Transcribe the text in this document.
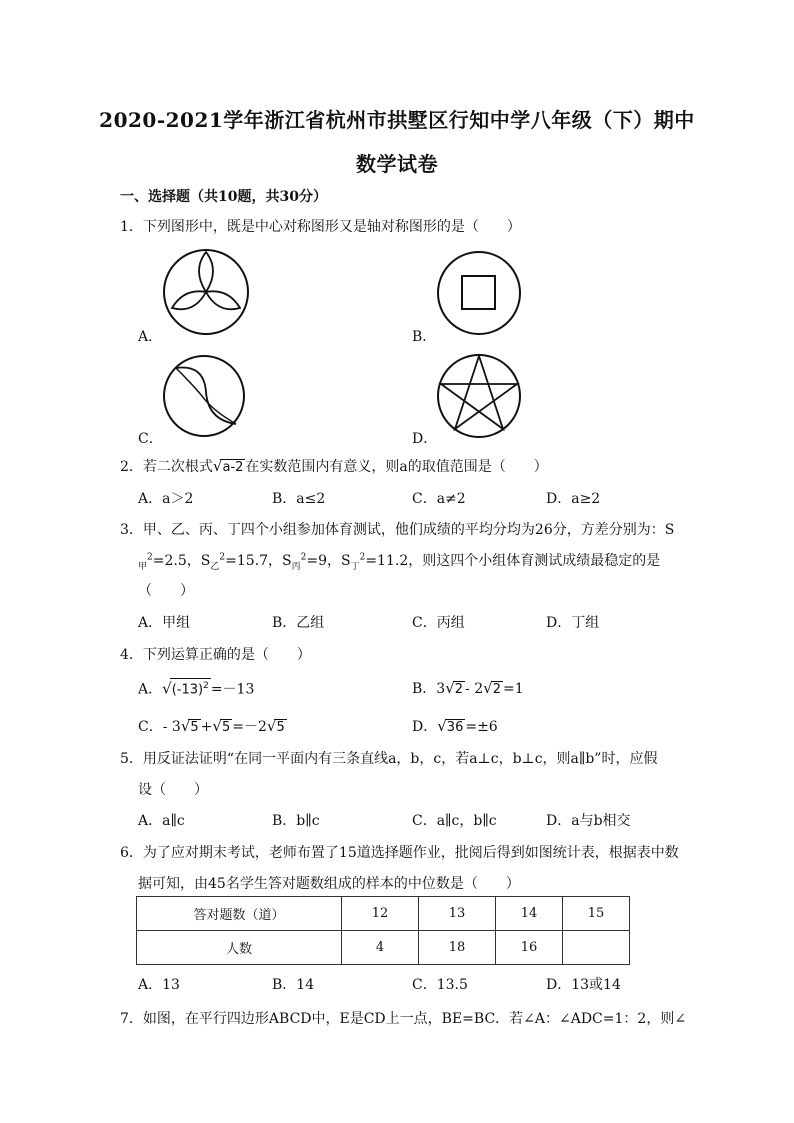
2020-2021学年浙江省杭州市拱墅区行知中学八年级（下）期中
数学试卷
一、选择题（共10题，共30分）
1．下列图形中，既是中心对称图形又是轴对称图形的是（　　）
A．	B．
C．	D．
2．若二次根式√a-2 在实数范围内有意义，则a的取值范围是（　　）
A．a＞2	B．a≤2	C．a≠2	D．a≥2
3．甲、乙、丙、丁四个小组参加体育测试，他们成绩的平均分均为26分，方差分别为：S
$_甲^2$=2.5，$S_乙^2=15.7$，$S_丙^2=9$，$S_丁^2=11.2$，则这四个小组体育测试成绩最稳定的是
（　　）
A．甲组	B．乙组	C．丙组	D．丁组
4．下列运算正确的是（　　）
A．$√(-13)^2 =-13$	B．3√2 - 2√2 =1
C．- 3√5 +√5 =－2√5	D．√36 =±6
5．用反证法证明“在同一平面内有三条直线a，b，c，若a⊥c，b⊥c，则a∥b”时，应假
设（　　）
A．a∥c	B．b∥c	C．a∥c，b∥c	D．a与b相交
6．为了应对期末考试，老师布置了15道选择题作业，批阅后得到如图统计表，根据表中数
据可知，由45名学生答对题数组成的样本的中位数是（　　）
答对题数（道）	12	13	14	15
人数	4	18	16	
A．13	B．14	C．13.5	D．13或14
7．如图，在平行四边形ABCD中，E是CD上一点，BE=BC．若∠A：∠ADC=1：2，则∠
